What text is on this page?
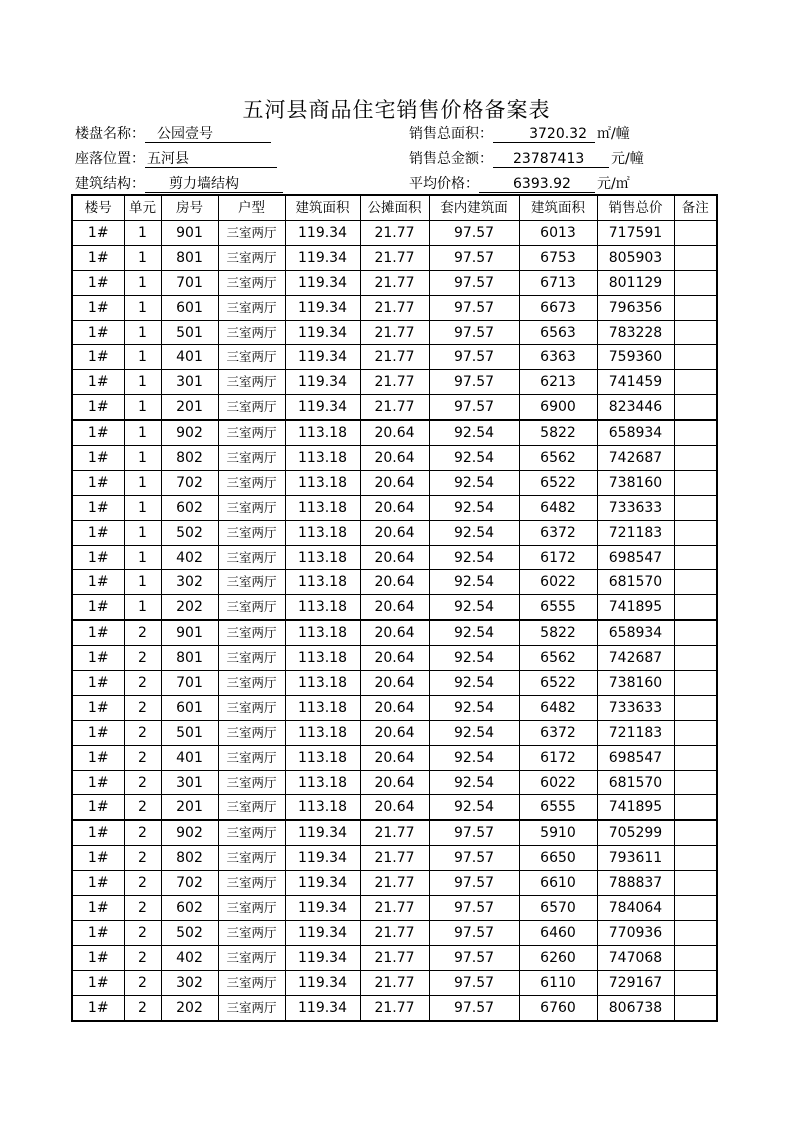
五河县商品住宅销售价格备案表
楼盘名称： 公园壹号
座落位置： 五河县
建筑结构： 剪力墙结构
销售总面积：	3720.32 ㎡/幢
销售总金额： 23787413 元/幢
平均价格： 6393.92 元/㎡
楼号	单元	房号	户型	建筑面积	公摊面积	套内建筑面	建筑面积	销售总价	备注
1#	1	901	三室两厅	119.34	21.77	97.57	6013	717591	
1#	1	801	三室两厅	119.34	21.77	97.57	6753	805903	
1#	1	701	三室两厅	119.34	21.77	97.57	6713	801129	
1#	1	601	三室两厅	119.34	21.77	97.57	6673	796356	
1#	1	501	三室两厅	119.34	21.77	97.57	6563	783228	
1#	1	401	三室两厅	119.34	21.77	97.57	6363	759360	
1#	1	301	三室两厅	119.34	21.77	97.57	6213	741459	
1#	1	201	三室两厅	119.34	21.77	97.57	6900	823446	
1#	1	902	三室两厅	113.18	20.64	92.54	5822	658934	
1#	1	802	三室两厅	113.18	20.64	92.54	6562	742687	
1#	1	702	三室两厅	113.18	20.64	92.54	6522	738160	
1#	1	602	三室两厅	113.18	20.64	92.54	6482	733633	
1#	1	502	三室两厅	113.18	20.64	92.54	6372	721183	
1#	1	402	三室两厅	113.18	20.64	92.54	6172	698547	
1#	1	302	三室两厅	113.18	20.64	92.54	6022	681570	
1#	1	202	三室两厅	113.18	20.64	92.54	6555	741895	
1#	2	901	三室两厅	113.18	20.64	92.54	5822	658934	
1#	2	801	三室两厅	113.18	20.64	92.54	6562	742687	
1#	2	701	三室两厅	113.18	20.64	92.54	6522	738160	
1#	2	601	三室两厅	113.18	20.64	92.54	6482	733633	
1#	2	501	三室两厅	113.18	20.64	92.54	6372	721183	
1#	2	401	三室两厅	113.18	20.64	92.54	6172	698547	
1#	2	301	三室两厅	113.18	20.64	92.54	6022	681570	
1#	2	201	三室两厅	113.18	20.64	92.54	6555	741895	
1#	2	902	三室两厅	119.34	21.77	97.57	5910	705299	
1#	2	802	三室两厅	119.34	21.77	97.57	6650	793611	
1#	2	702	三室两厅	119.34	21.77	97.57	6610	788837	
1#	2	602	三室两厅	119.34	21.77	97.57	6570	784064	
1#	2	502	三室两厅	119.34	21.77	97.57	6460	770936	
1#	2	402	三室两厅	119.34	21.77	97.57	6260	747068	
1#	2	302	三室两厅	119.34	21.77	97.57	6110	729167	
1#	2	202	三室两厅	119.34	21.77	97.57	6760	806738	
